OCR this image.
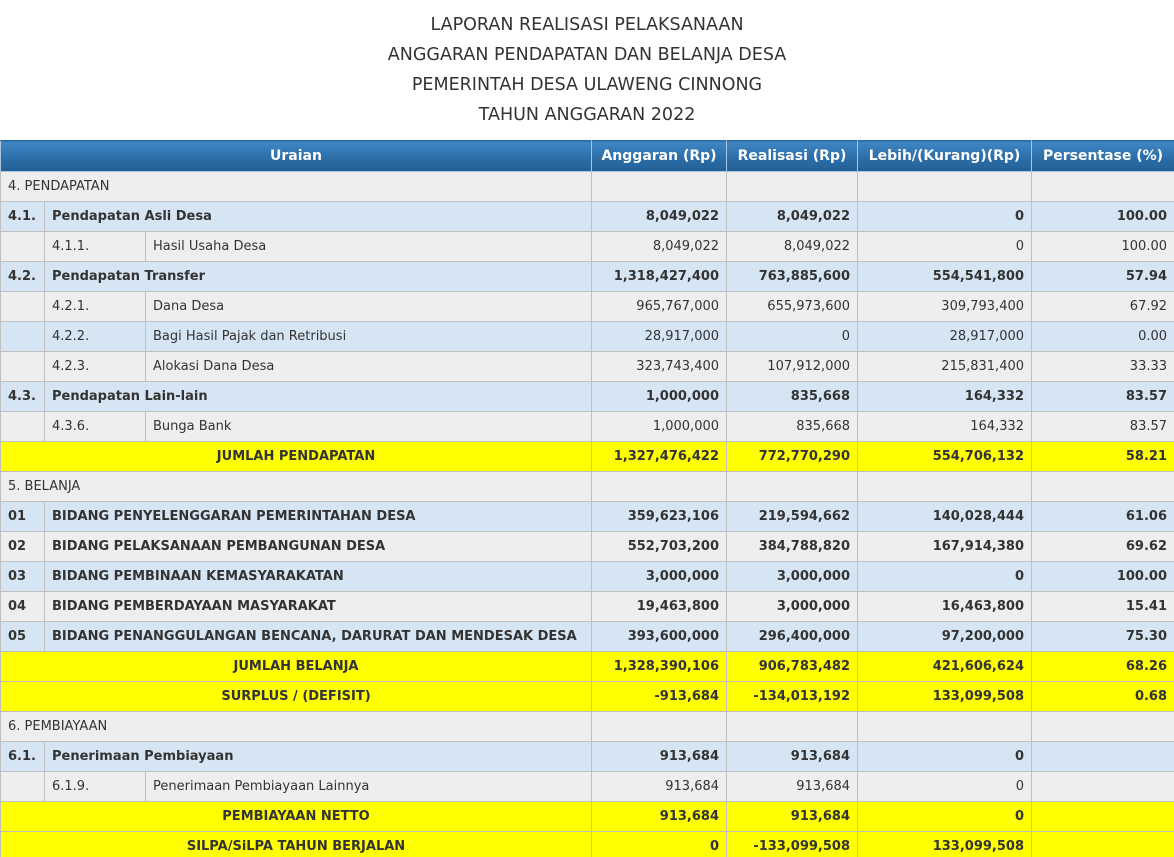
LAPORAN REALISASI PELAKSANAAN
ANGGARAN PENDAPATAN DAN BELANJA DESA
PEMERINTAH DESA ULAWENG CINNONG
TAHUN ANGGARAN 2022
Uraian			Anggaran (Rp)	Realisasi (Rp)	Lebih/(Kurang)(Rp)	Persentase (%)
4. PENDAPATAN						
4.1.	Pendapatan Asli Desa		8,049,022	8,049,022	0	100.00
	4.1.1.	Hasil Usaha Desa	8,049,022	8,049,022	0	100.00
4.2.	Pendapatan Transfer		1,318,427,400	763,885,600	554,541,800	57.94
	4.2.1.	Dana Desa	965,767,000	655,973,600	309,793,400	67.92
	4.2.2.	Bagi Hasil Pajak dan Retribusi	28,917,000	0	28,917,000	0.00
	4.2.3.	Alokasi Dana Desa	323,743,400	107,912,000	215,831,400	33.33
4.3.	Pendapatan Lain-lain		1,000,000	835,668	164,332	83.57
	4.3.6.	Bunga Bank	1,000,000	835,668	164,332	83.57
JUMLAH PENDAPATAN			1,327,476,422	772,770,290	554,706,132	58.21
5. BELANJA						
01	BIDANG PENYELENGGARAN PEMERINTAHAN DESA		359,623,106	219,594,662	140,028,444	61.06
02	BIDANG PELAKSANAAN PEMBANGUNAN DESA		552,703,200	384,788,820	167,914,380	69.62
03	BIDANG PEMBINAAN KEMASYARAKATAN		3,000,000	3,000,000	0	100.00
04	BIDANG PEMBERDAYAAN MASYARAKAT		19,463,800	3,000,000	16,463,800	15.41
05	BIDANG PENANGGULANGAN BENCANA, DARURAT DAN MENDESAK DESA		393,600,000	296,400,000	97,200,000	75.30
JUMLAH BELANJA			1,328,390,106	906,783,482	421,606,624	68.26
SURPLUS / (DEFISIT)			-913,684	-134,013,192	133,099,508	0.68
6. PEMBIAYAAN						
6.1.	Penerimaan Pembiayaan		913,684	913,684	0	
	6.1.9.	Penerimaan Pembiayaan Lainnya	913,684	913,684	0	
PEMBIAYAAN NETTO			913,684	913,684	0	
SILPA/SiLPA TAHUN BERJALAN			0	-133,099,508	133,099,508	
